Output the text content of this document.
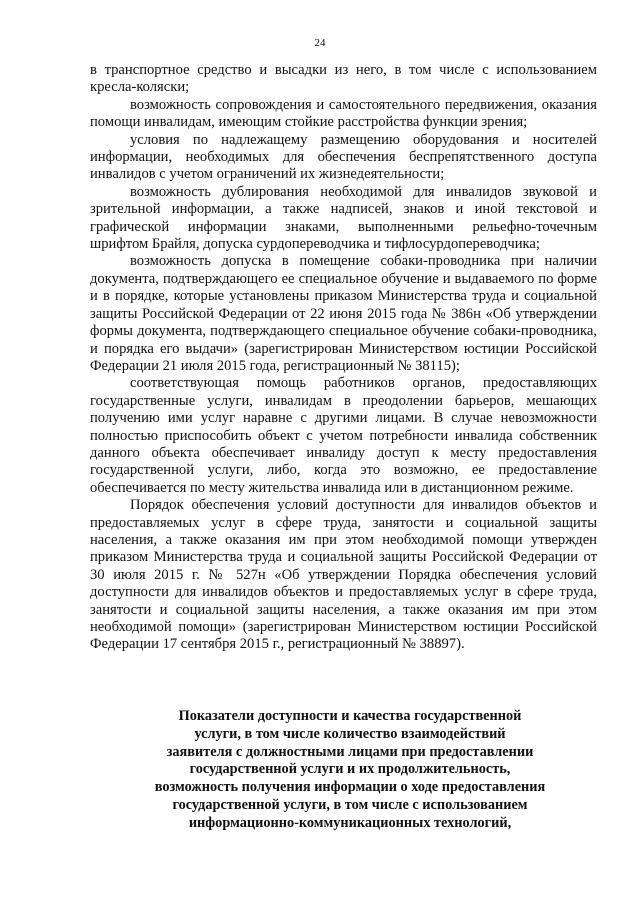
24

в транспортное средство и высадки из него, в том числе с использованием кресла-коляски;

возможность сопровождения и самостоятельного передвижения, оказания помощи инвалидам, имеющим стойкие расстройства функции зрения;

условия по надлежащему размещению оборудования и носителей информации, необходимых для обеспечения беспрепятственного доступа инвалидов с учетом ограничений их жизнедеятельности;

возможность дублирования необходимой для инвалидов звуковой и зрительной информации, а также надписей, знаков и иной текстовой и графической информации знаками, выполненными рельефно-точечным шрифтом Брайля, допуска сурдопереводчика и тифлосурдопереводчика;

возможность допуска в помещение собаки-проводника при наличии документа, подтверждающего ее специальное обучение и выдаваемого по форме и в порядке, которые установлены приказом Министерства труда и социальной защиты Российской Федерации от 22 июня 2015 года № 386н «Об утверждении формы документа, подтверждающего специальное обучение собаки-проводника, и порядка его выдачи» (зарегистрирован Министерством юстиции Российской Федерации 21 июля 2015 года, регистрационный № 38115);

соответствующая помощь работников органов, предоставляющих государственные услуги, инвалидам в преодолении барьеров, мешающих получению ими услуг наравне с другими лицами. В случае невозможности полностью приспособить объект с учетом потребности инвалида собственник данного объекта обеспечивает инвалиду доступ к месту предоставления государственной услуги, либо, когда это возможно, ее предоставление обеспечивается по месту жительства инвалида или в дистанционном режиме.

Порядок обеспечения условий доступности для инвалидов объектов и предоставляемых услуг в сфере труда, занятости и социальной защиты населения, а также оказания им при этом необходимой помощи утвержден приказом Министерства труда и социальной защиты Российской Федерации от 30 июля 2015 г. № 527н «Об утверждении Порядка обеспечения условий доступности для инвалидов объектов и предоставляемых услуг в сфере труда, занятости и социальной защиты населения, а также оказания им при этом необходимой помощи» (зарегистрирован Министерством юстиции Российской Федерации 17 сентября 2015 г., регистрационный № 38897).

Показатели доступности и качества государственной
услуги, в том числе количество взаимодействий
заявителя с должностными лицами при предоставлении
государственной услуги и их продолжительность,
возможность получения информации о ходе предоставления
государственной услуги, в том числе с использованием
информационно-коммуникационных технологий,
